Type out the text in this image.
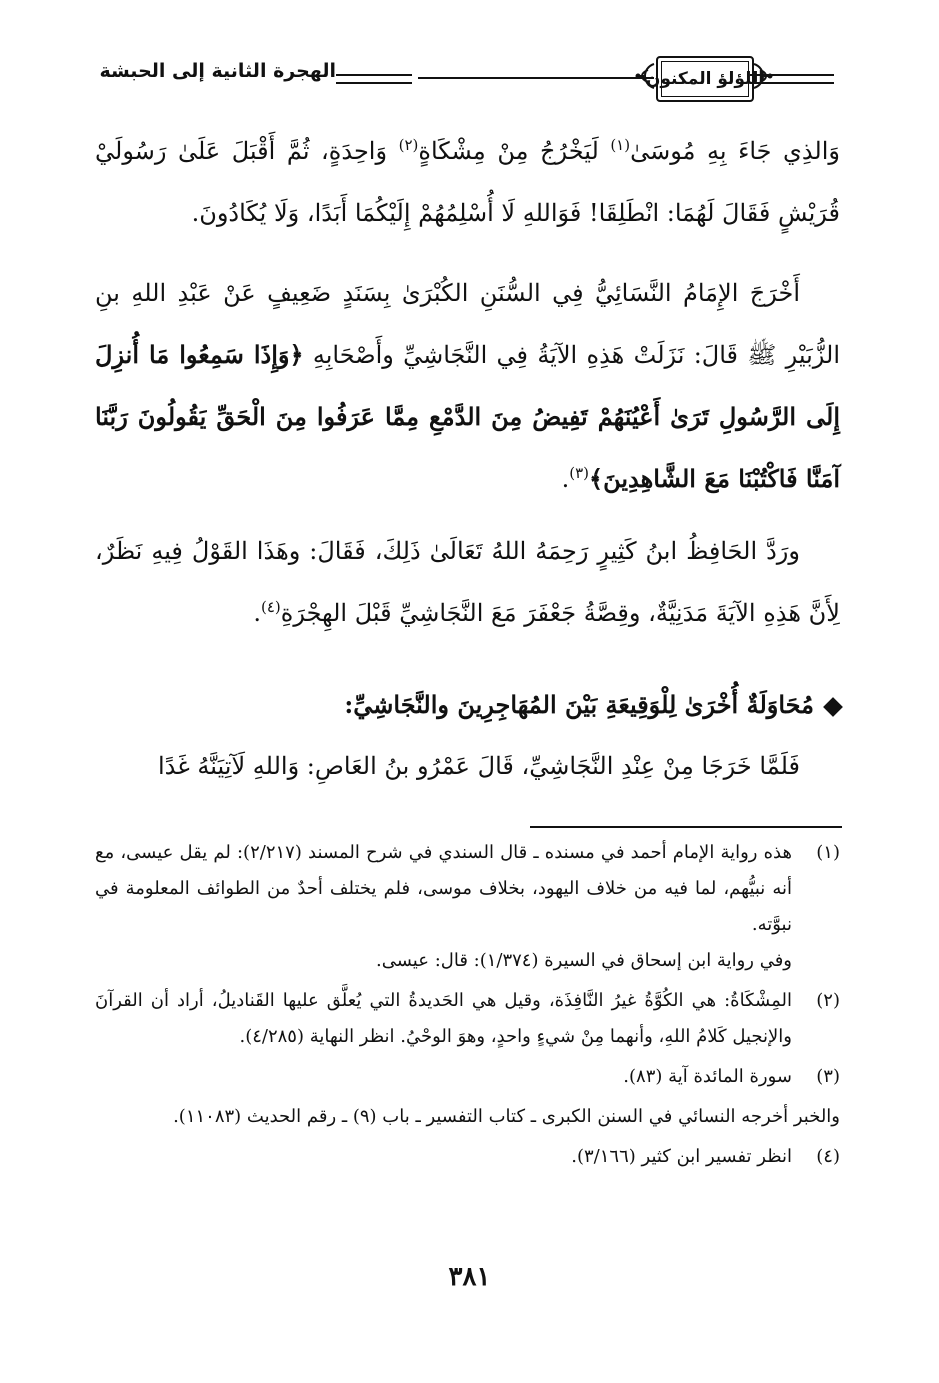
الهجرة الثانية إلى الحبشة	اللؤلؤ المكنون
وَالذِي جَاءَ بِهِ مُوسَىٰ$^{(١)}$ لَيَخْرُجُ مِنْ مِشْكَاةٍ$^{(٢)}$ وَاحِدَةٍ، ثُمَّ أَقْبَلَ عَلَىٰ رَسُولَيْ قُرَيْشٍ فَقَالَ لَهُمَا: انْطَلِقَا! فَوَاللهِ لَا أُسْلِمُهُمْ إِلَيْكُمَا أَبَدًا، وَلَا يُكَادُونَ.
أَخْرَجَ الإِمَامُ النَّسَائِيُّ فِي السُّنَنِ الكُبْرَىٰ بِسَنَدٍ ضَعِيفٍ عَنْ عَبْدِ اللهِ بنِ الزُّبَيْرِ ﷺ قَالَ: نَزَلَتْ هَذِهِ الآيَةُ فِي النَّجَاشِيِّ وأَصْحَابِهِ ﴿وَإِذَا سَمِعُوا مَا أُنزِلَ إِلَى الرَّسُولِ تَرَىٰ أَعْيُنَهُمْ تَفِيضُ مِنَ الدَّمْعِ مِمَّا عَرَفُوا مِنَ الْحَقِّ يَقُولُونَ رَبَّنَا آمَنَّا فَاكْتُبْنَا مَعَ الشَّاهِدِينَ﴾$^{(٣)}$.
ورَدَّ الحَافِظُ ابنُ كَثِيرٍ رَحِمَهُ اللهُ تَعَالَىٰ ذَلِكَ، فَقَالَ: وهَذَا القَوْلُ فِيهِ نَظَرٌ، لِأَنَّ هَذِهِ الآيَةَ مَدَنِيَّةٌ، وقِصَّةُ جَعْفَرَ مَعَ النَّجَاشِيِّ قَبْلَ الهِجْرَةِ$^{(٤)}$.
مُحَاوَلَةٌ أُخْرَىٰ لِلْوَقِيعَةِ بَيْنَ المُهَاجِرِينَ والنَّجَاشِيِّ:
فَلَمَّا خَرَجَا مِنْ عِنْدِ النَّجَاشِيِّ، قَالَ عَمْرُو بنُ العَاصِ: وَاللهِ لَآتِيَنَّهُ غَدًا
(١)
هذه رواية الإمام أحمد في مسنده ـ قال السندي في شرح المسند (٢/٢١٧): لم يقل عيسى، مع أنه نبيُّهم، لما فيه من خلاف اليهود، بخلاف موسى، فلم يختلف أحدٌ من الطوائف المعلومة في نبوَّته.
وفي رواية ابن إسحاق في السيرة (١/٣٧٤): قال: عيسى.
(٢)
المِشْكَاةُ: هي الكُوَّةُ غيرُ النَّافِذَة، وقيل هي الحَديدةُ التي يُعلَّق عليها القَناديلُ، أراد أن القرآنَ والإنجيل كَلامُ اللهِ، وأنهما مِنْ شيءٍ واحدٍ، وهوَ الوحْيُ. انظر النهاية (٤/٢٨٥).
(٣)
سورة المائدة آية (٨٣).
والخبر أخرجه النسائي في السنن الكبرى ـ كتاب التفسير ـ باب (٩) ـ رقم الحديث (١١٠٨٣).
(٤)
انظر تفسير ابن كثير (٣/١٦٦).
٣٨١
